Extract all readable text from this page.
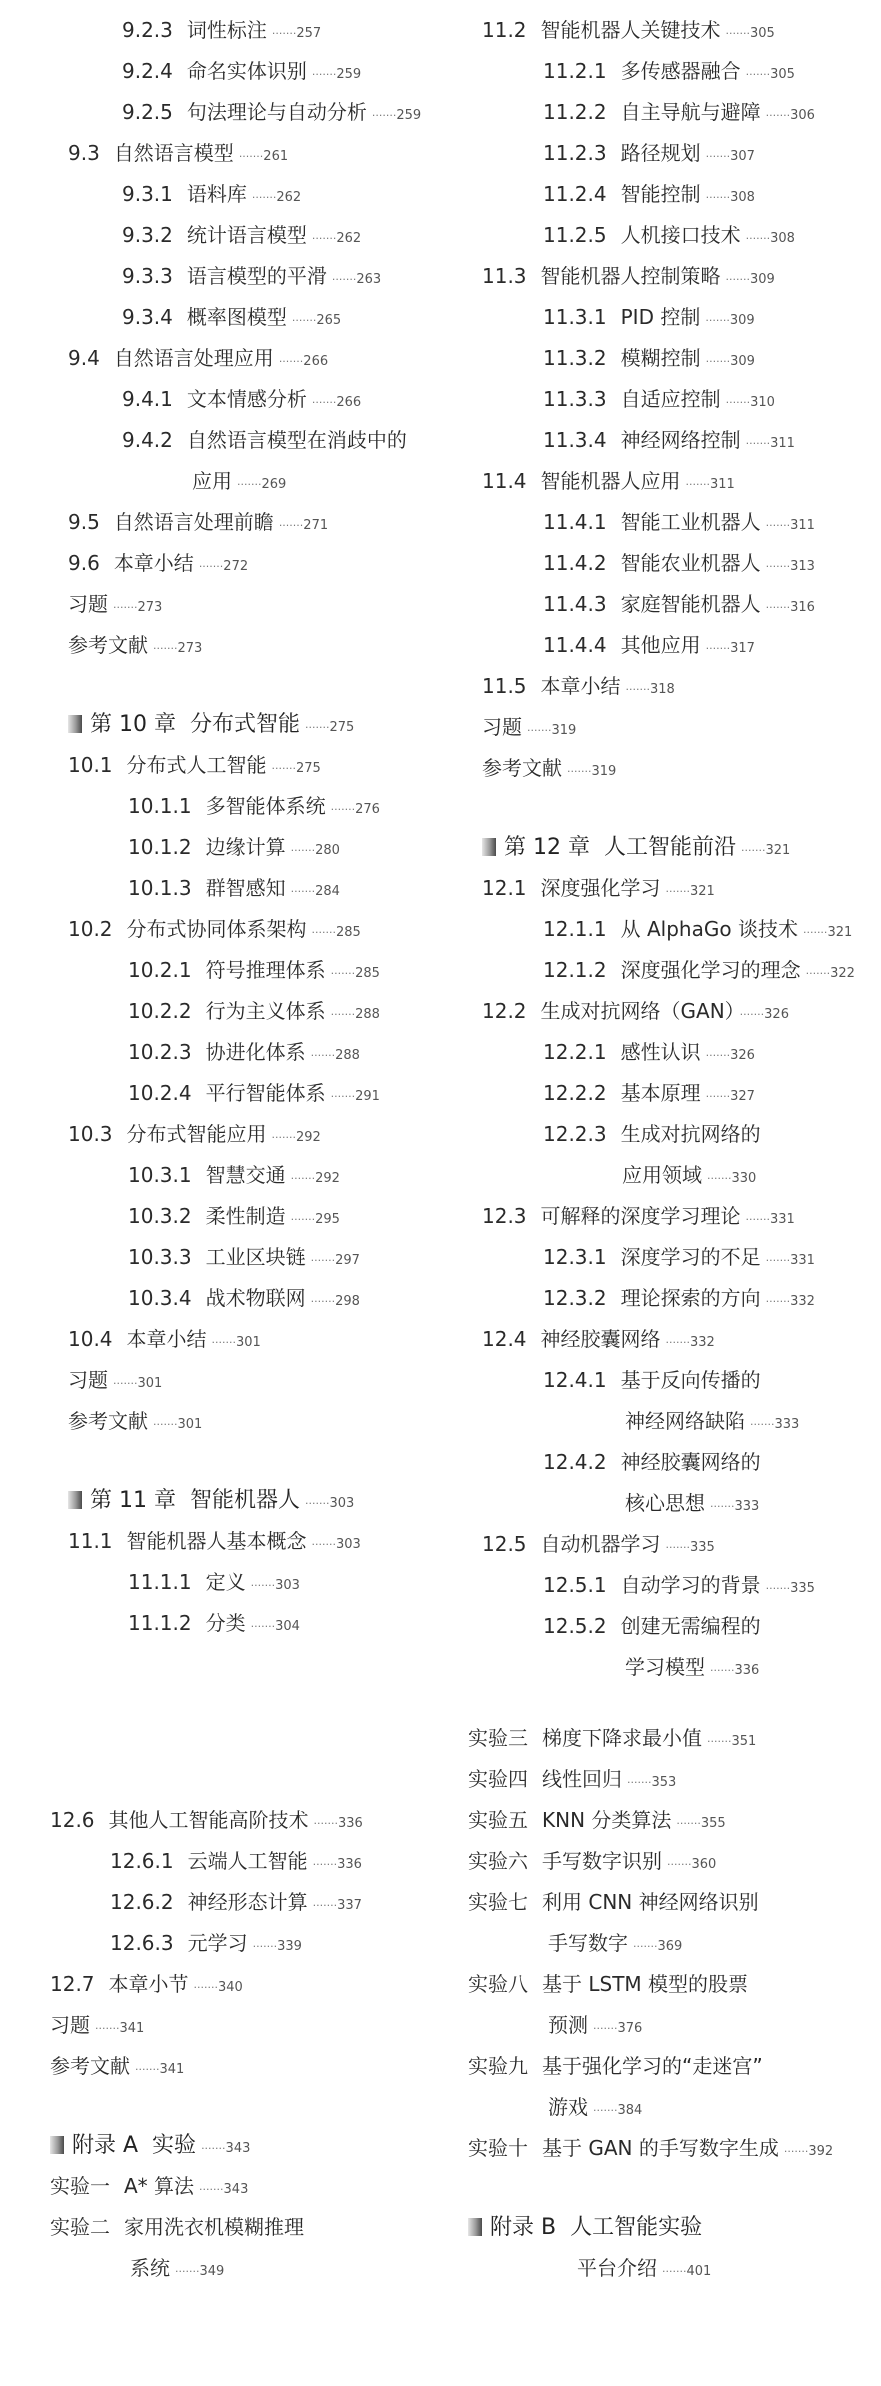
9.2.3 词性标注 ······· 257
9.2.4 命名实体识别 ······· 259
9.2.5 句法理论与自动分析 ······· 259
9.3 自然语言模型 ······· 261
9.3.1 语料库 ······· 262
9.3.2 统计语言模型 ······· 262
9.3.3 语言模型的平滑 ······· 263
9.3.4 概率图模型 ······· 265
9.4 自然语言处理应用 ······· 266
9.4.1 文本情感分析 ······· 266
9.4.2 自然语言模型在消歧中的
应用 ······· 269
9.5 自然语言处理前瞻 ······· 271
9.6 本章小结 ······· 272
习题 ······· 273
参考文献 ······· 273
第 10 章 分布式智能 ······· 275
10.1 分布式人工智能 ······· 275
10.1.1 多智能体系统 ······· 276
10.1.2 边缘计算 ······· 280
10.1.3 群智感知 ······· 284
10.2 分布式协同体系架构 ······· 285
10.2.1 符号推理体系 ······· 285
10.2.2 行为主义体系 ······· 288
10.2.3 协进化体系 ······· 288
10.2.4 平行智能体系 ······· 291
10.3 分布式智能应用 ······· 292
10.3.1 智慧交通 ······· 292
10.3.2 柔性制造 ······· 295
10.3.3 工业区块链 ······· 297
10.3.4 战术物联网 ······· 298
10.4 本章小结 ······· 301
习题 ······· 301
参考文献 ······· 301
第 11 章 智能机器人 ······· 303
11.1 智能机器人基本概念 ······· 303
11.1.1 定义 ······· 303
11.1.2 分类 ······· 304
11.2 智能机器人关键技术 ······· 305
11.2.1 多传感器融合 ······· 305
11.2.2 自主导航与避障 ······· 306
11.2.3 路径规划 ······· 307
11.2.4 智能控制 ······· 308
11.2.5 人机接口技术 ······· 308
11.3 智能机器人控制策略 ······· 309
11.3.1 PID 控制 ······· 309
11.3.2 模糊控制 ······· 309
11.3.3 自适应控制 ······· 310
11.3.4 神经网络控制 ······· 311
11.4 智能机器人应用 ······· 311
11.4.1 智能工业机器人 ······· 311
11.4.2 智能农业机器人 ······· 313
11.4.3 家庭智能机器人 ······· 316
11.4.4 其他应用 ······· 317
11.5 本章小结 ······· 318
习题 ······· 319
参考文献 ······· 319
第 12 章 人工智能前沿 ······· 321
12.1 深度强化学习 ······· 321
12.1.1 从 AlphaGo 谈技术 ······· 321
12.1.2 深度强化学习的理念 ······· 322
12.2 生成对抗网络（GAN） ······· 326
12.2.1 感性认识 ······· 326
12.2.2 基本原理 ······· 327
12.2.3 生成对抗网络的
应用领域 ······· 330
12.3 可解释的深度学习理论 ······· 331
12.3.1 深度学习的不足 ······· 331
12.3.2 理论探索的方向 ······· 332
12.4 神经胶囊网络 ······· 332
12.4.1 基于反向传播的
神经网络缺陷 ······· 333
12.4.2 神经胶囊网络的
核心思想 ······· 333
12.5 自动机器学习 ······· 335
12.5.1 自动学习的背景 ······· 335
12.5.2 创建无需编程的
学习模型 ······· 336
12.6 其他人工智能高阶技术 ······· 336
12.6.1 云端人工智能 ······· 336
12.6.2 神经形态计算 ······· 337
12.6.3 元学习 ······· 339
12.7 本章小节 ······· 340
习题 ······· 341
参考文献 ······· 341
附录 A 实验 ······· 343
实验一 A* 算法 ······· 343
实验二 家用洗衣机模糊推理
系统 ······· 349
实验三 梯度下降求最小值 ······· 351
实验四 线性回归 ······· 353
实验五 KNN 分类算法 ······· 355
实验六 手写数字识别 ······· 360
实验七 利用 CNN 神经网络识别
手写数字 ······· 369
实验八 基于 LSTM 模型的股票
预测 ······· 376
实验九 基于强化学习的“走迷宫”
游戏 ······· 384
实验十 基于 GAN 的手写数字生成 ······· 392
附录 B 人工智能实验
平台介绍 ······· 401
